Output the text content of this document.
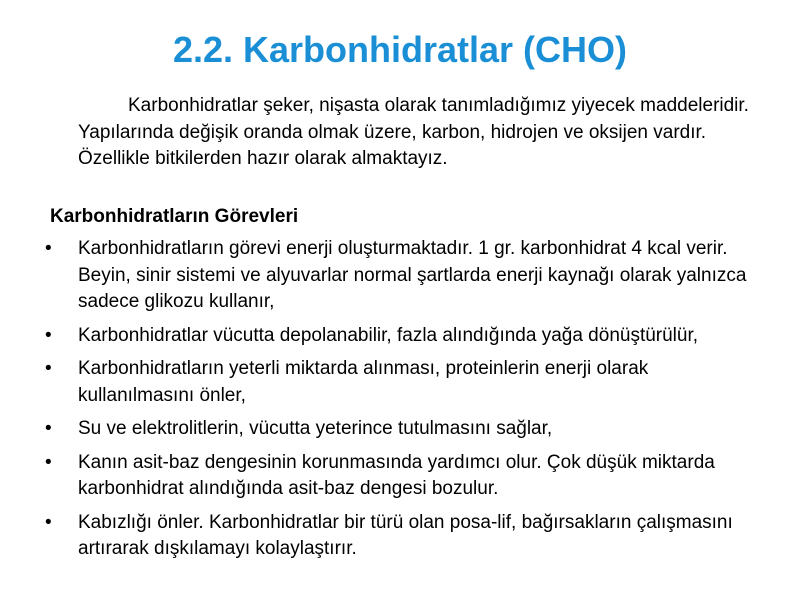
2.2. Karbonhidratlar (CHO)
Karbonhidratlar şeker, nişasta olarak tanımladığımız yiyecek maddeleridir. Yapılarında değişik oranda olmak üzere, karbon, hidrojen ve oksijen vardır. Özellikle bitkilerden hazır olarak almaktayız.
Karbonhidratların Görevleri
• Karbonhidratların görevi enerji oluşturmaktadır. 1 gr. karbonhidrat 4 kcal verir. Beyin, sinir sistemi ve alyuvarlar normal şartlarda enerji kaynağı olarak yalnızca sadece glikozu kullanır,
• Karbonhidratlar vücutta depolanabilir, fazla alındığında yağa dönüştürülür,
• Karbonhidratların yeterli miktarda alınması, proteinlerin enerji olarak kullanılmasını önler,
• Su ve elektrolitlerin, vücutta yeterince tutulmasını sağlar,
• Kanın asit-baz dengesinin korunmasında yardımcı olur. Çok düşük miktarda karbonhidrat alındığında asit-baz dengesi bozulur.
• Kabızlığı önler. Karbonhidratlar bir türü olan posa-lif, bağırsakların çalışmasını artırarak dışkılamayı kolaylaştırır.
